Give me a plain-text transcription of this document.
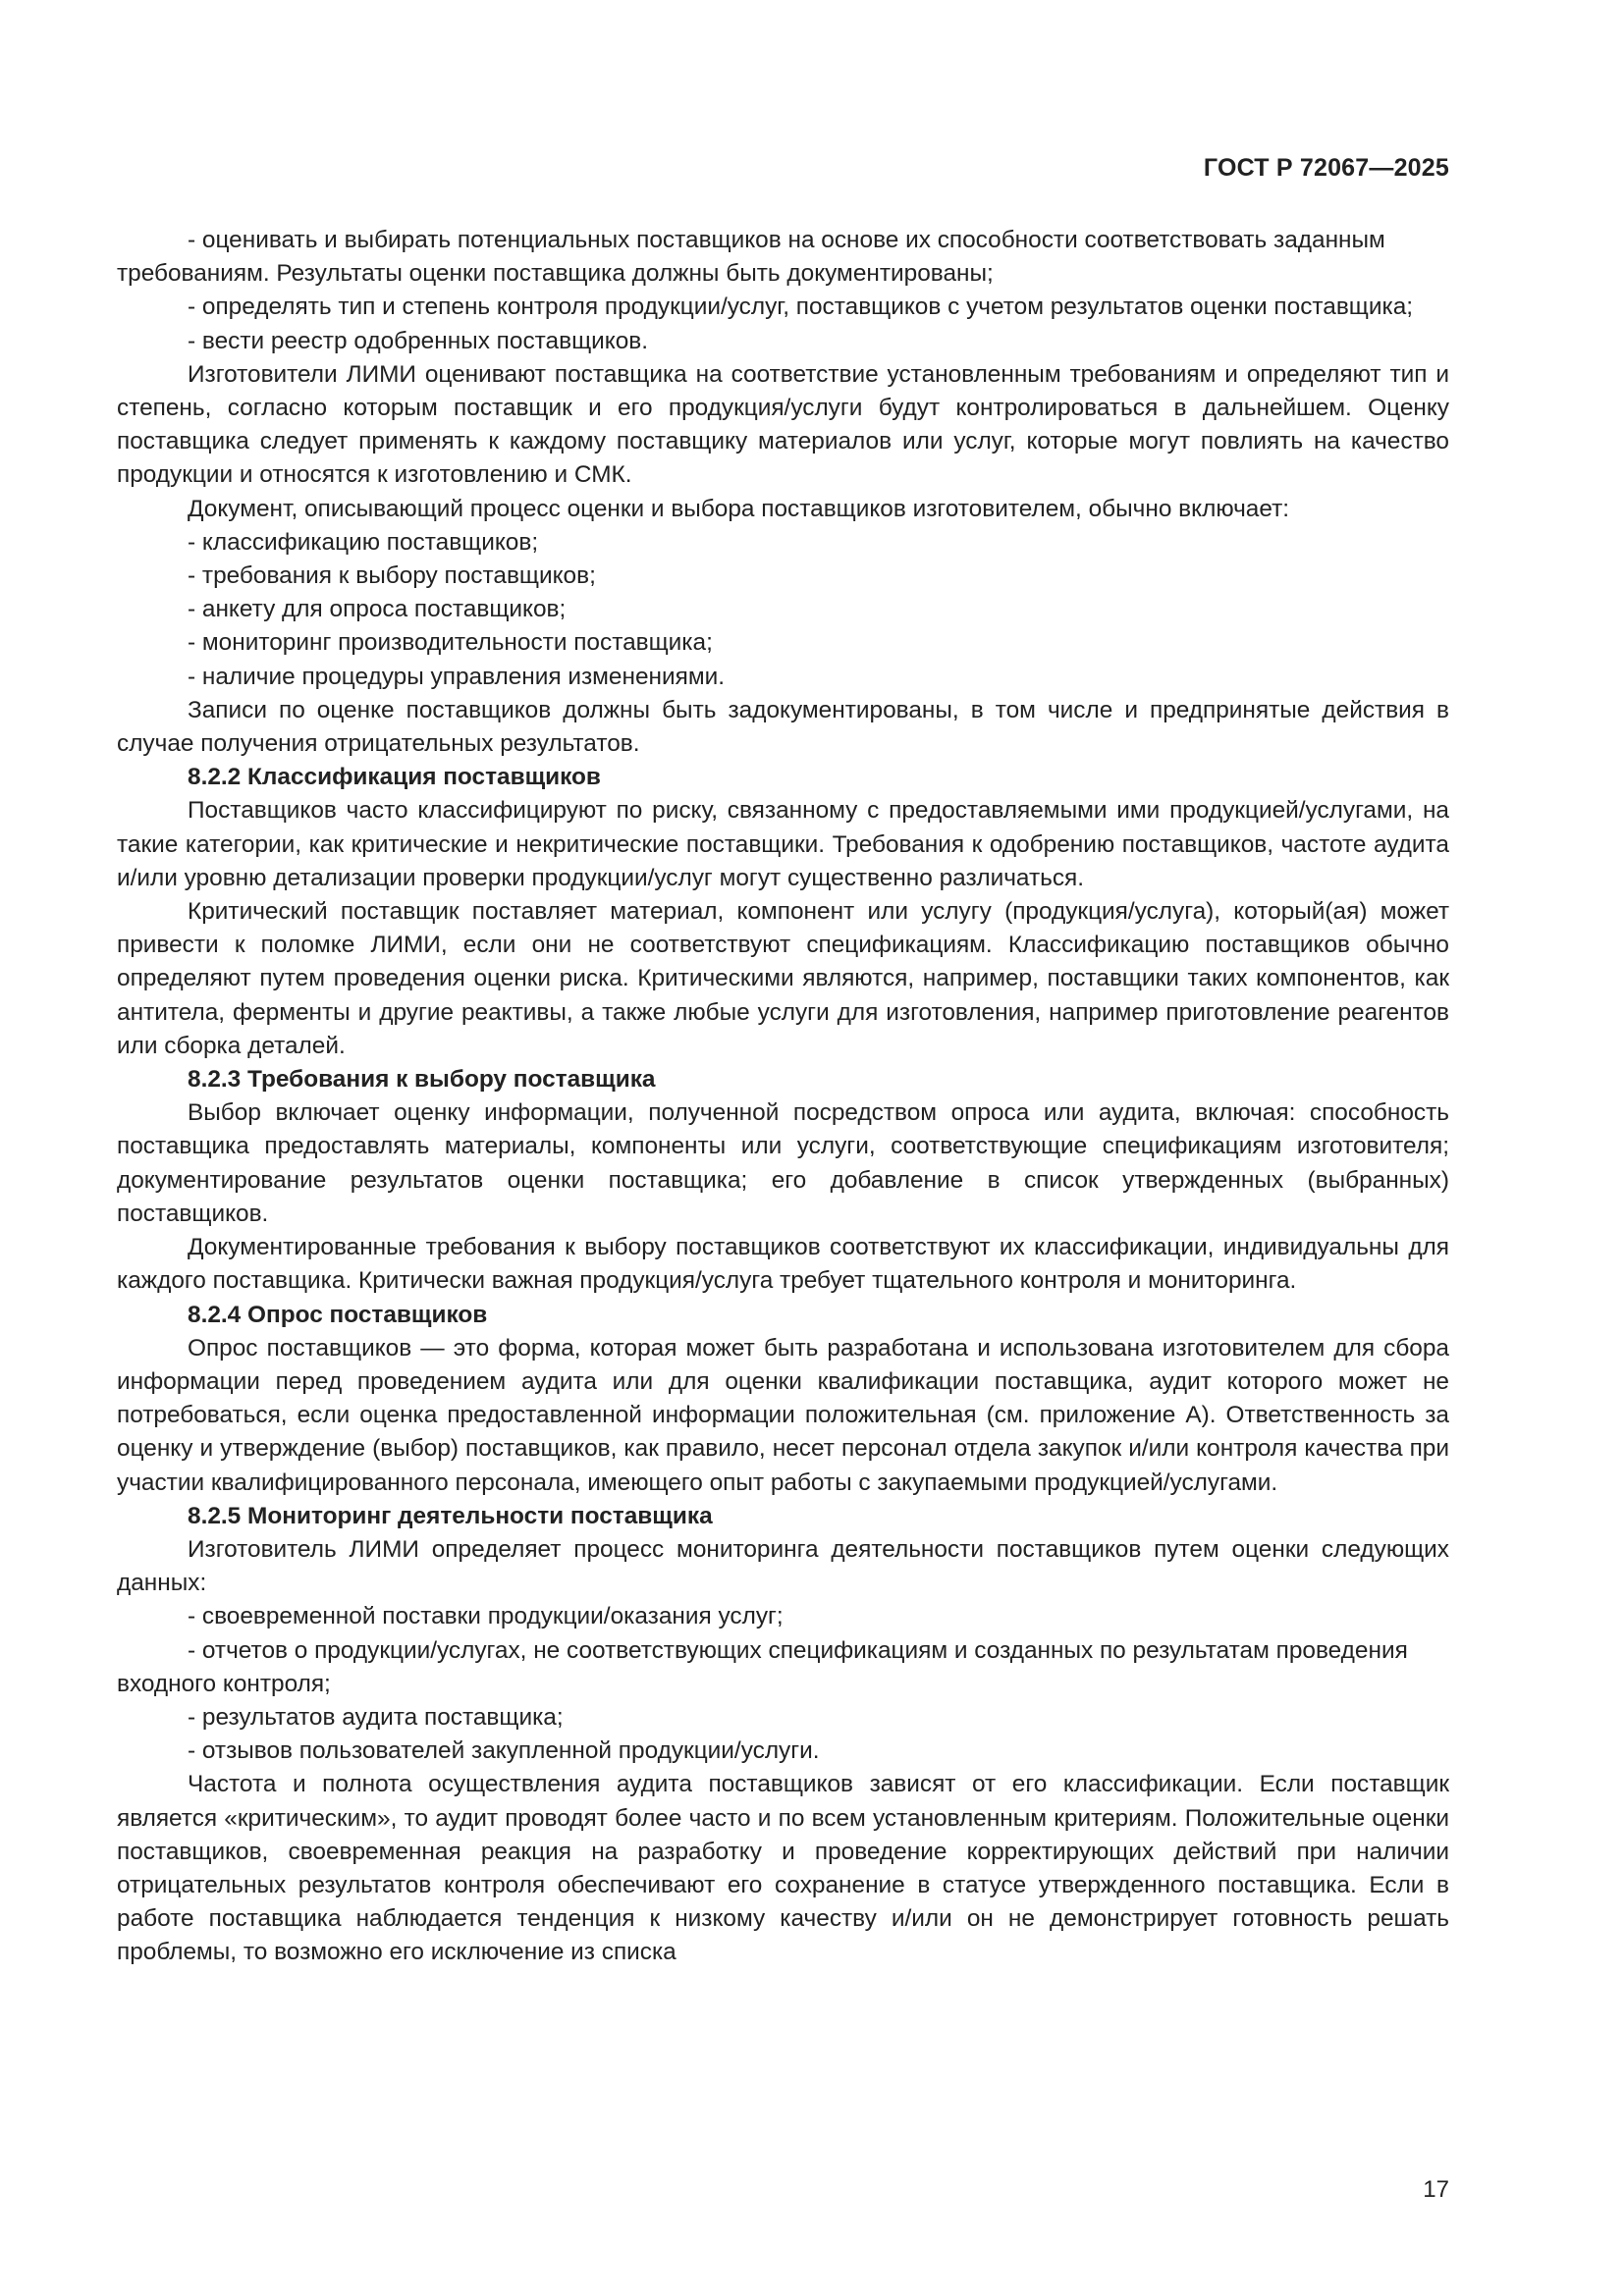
ГОСТ Р 72067—2025

- оценивать и выбирать потенциальных поставщиков на основе их способности соответствовать заданным требованиям. Результаты оценки поставщика должны быть документированы;

- определять тип и степень контроля продукции/услуг, поставщиков с учетом результатов оценки поставщика;

- вести реестр одобренных поставщиков.

Изготовители ЛИМИ оценивают поставщика на соответствие установленным требованиям и определяют тип и степень, согласно которым поставщик и его продукция/услуги будут контролироваться в дальнейшем. Оценку поставщика следует применять к каждому поставщику материалов или услуг, которые могут повлиять на качество продукции и относятся к изготовлению и СМК.

Документ, описывающий процесс оценки и выбора поставщиков изготовителем, обычно включает:

- классификацию поставщиков;

- требования к выбору поставщиков;

- анкету для опроса поставщиков;

- мониторинг производительности поставщика;

- наличие процедуры управления изменениями.

Записи по оценке поставщиков должны быть задокументированы, в том числе и предпринятые действия в случае получения отрицательных результатов.

8.2.2 Классификация поставщиков

Поставщиков часто классифицируют по риску, связанному с предоставляемыми ими продукцией/услугами, на такие категории, как критические и некритические поставщики. Требования к одобрению поставщиков, частоте аудита и/или уровню детализации проверки продукции/услуг могут существенно различаться.

Критический поставщик поставляет материал, компонент или услугу (продукция/услуга), который(ая) может привести к поломке ЛИМИ, если они не соответствуют спецификациям. Классификацию поставщиков обычно определяют путем проведения оценки риска. Критическими являются, например, поставщики таких компонентов, как антитела, ферменты и другие реактивы, а также любые услуги для изготовления, например приготовление реагентов или сборка деталей.

8.2.3 Требования к выбору поставщика

Выбор включает оценку информации, полученной посредством опроса или аудита, включая: способность поставщика предоставлять материалы, компоненты или услуги, соответствующие спецификациям изготовителя; документирование результатов оценки поставщика; его добавление в список утвержденных (выбранных) поставщиков.

Документированные требования к выбору поставщиков соответствуют их классификации, индивидуальны для каждого поставщика. Критически важная продукция/услуга требует тщательного контроля и мониторинга.

8.2.4 Опрос поставщиков

Опрос поставщиков — это форма, которая может быть разработана и использована изготовителем для сбора информации перед проведением аудита или для оценки квалификации поставщика, аудит которого может не потребоваться, если оценка предоставленной информации положительная (см. приложение А). Ответственность за оценку и утверждение (выбор) поставщиков, как правило, несет персонал отдела закупок и/или контроля качества при участии квалифицированного персонала, имеющего опыт работы с закупаемыми продукцией/услугами.

8.2.5 Мониторинг деятельности поставщика

Изготовитель ЛИМИ определяет процесс мониторинга деятельности поставщиков путем оценки следующих данных:

- своевременной поставки продукции/оказания услуг;

- отчетов о продукции/услугах, не соответствующих спецификациям и созданных по результатам проведения входного контроля;

- результатов аудита поставщика;

- отзывов пользователей закупленной продукции/услуги.

Частота и полнота осуществления аудита поставщиков зависят от его классификации. Если поставщик является «критическим», то аудит проводят более часто и по всем установленным критериям. Положительные оценки поставщиков, своевременная реакция на разработку и проведение корректирующих действий при наличии отрицательных результатов контроля обеспечивают его сохранение в статусе утвержденного поставщика. Если в работе поставщика наблюдается тенденция к низкому качеству и/или он не демонстрирует готовность решать проблемы, то возможно его исключение из списка

17
